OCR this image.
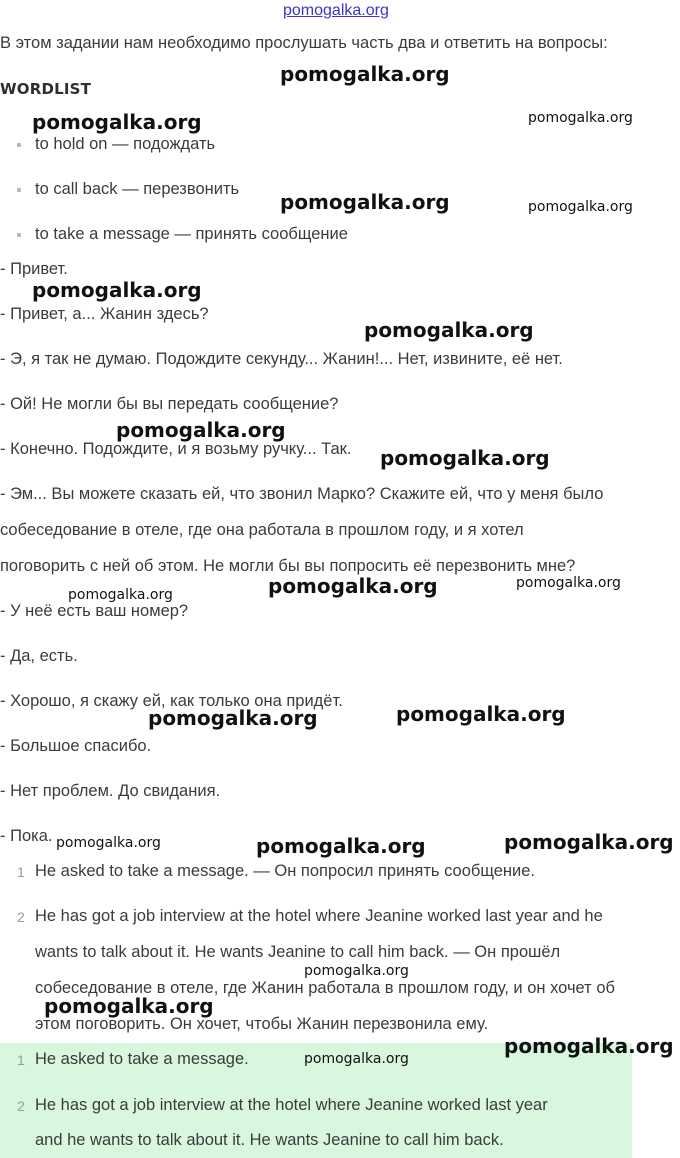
pomogalka.org
В этом задании нам необходимо прослушать часть два и ответить на вопросы:
WORDLIST
to hold on — подождать
to call back — перезвонить
to take a message — принять сообщение
- Привет.
- Привет, а... Жанин здесь?
- Э, я так не думаю. Подождите секунду... Жанин!... Нет, извините, её нет.
- Ой! Не могли бы вы передать сообщение?
- Конечно. Подождите, и я возьму ручку... Так.
- Эм... Вы можете сказать ей, что звонил Марко? Скажите ей, что у меня было
собеседование в отеле, где она работала в прошлом году, и я хотел
поговорить с ней об этом. Не могли бы вы попросить её перезвонить мне?
- У неё есть ваш номер?
- Да, есть.
- Хорошо, я скажу ей, как только она придёт.
- Большое спасибо.
- Нет проблем. До свидания.
- Пока.
1 He asked to take a message. — Он попросил принять сообщение.
2 He has got a job interview at the hotel where Jeanine worked last year and he
wants to talk about it. He wants Jeanine to call him back. — Он прошёл
собеседование в отеле, где Жанин работала в прошлом году, и он хочет об
этом поговорить. Он хочет, чтобы Жанин перезвонила ему.
1 He asked to take a message.
2 He has got a job interview at the hotel where Jeanine worked last year
and he wants to talk about it. He wants Jeanine to call him back.
pomogalka.org
pomogalka.org	pomogalka.org
pomogalka.org	pomogalka.org
pomogalka.org
pomogalka.org
pomogalka.org
pomogalka.org
pomogalka.org	pomogalka.org
pomogalka.org
pomogalka.org	pomogalka.org
pomogalka.org	pomogalka.org	pomogalka.org
pomogalka.org
pomogalka.org
pomogalka.org
pomogalka.org
